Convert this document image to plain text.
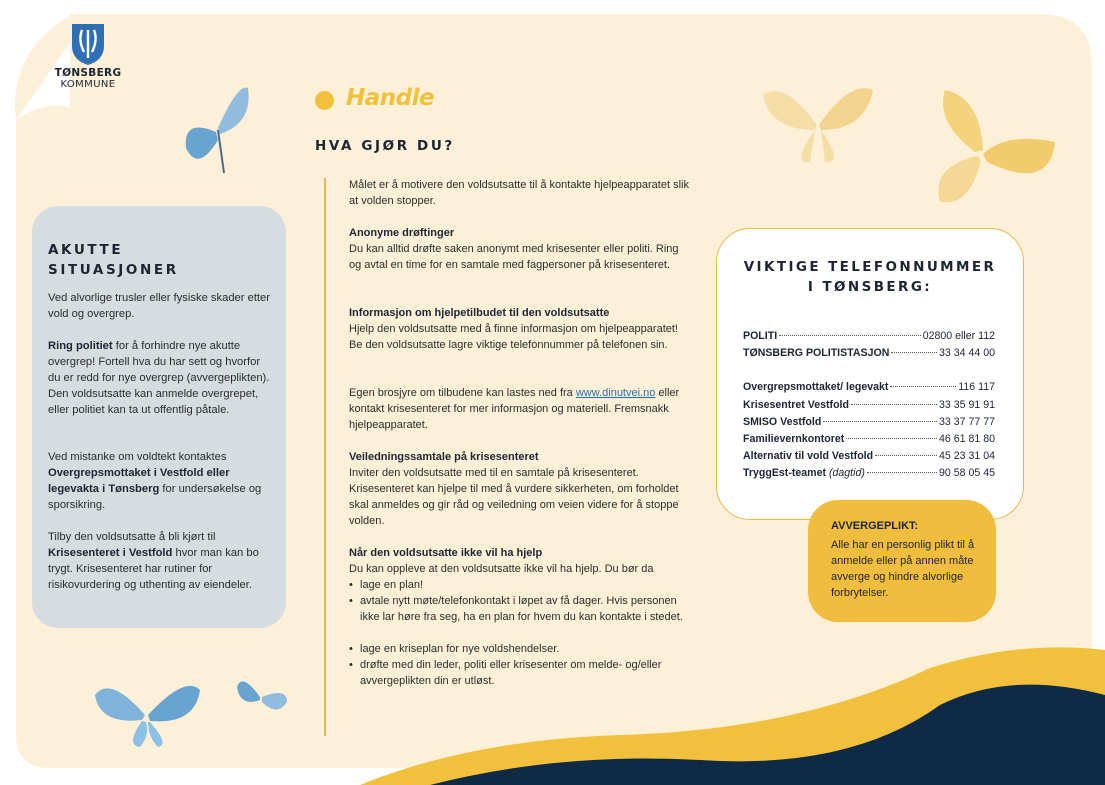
TØNSBERG
KOMMUNE
AKUTTE
SITUASJONER
Ved alvorlige trusler eller fysiske skader etter vold og overgrep.
Ring politiet for å forhindre nye akutte overgrep! Fortell hva du har sett og hvorfor du er redd for nye overgrep (avvergeplikten). Den voldsutsatte kan anmelde overgrepet, eller politiet kan ta ut offentlig påtale.
Ved mistanke om voldtekt kontaktes Overgrepsmottaket i Vestfold eller legevakta i Tønsberg for undersøkelse og sporsikring.
Tilby den voldsutsatte å bli kjørt til Krisesenteret i Vestfold hvor man kan bo trygt. Krisesenteret har rutiner for risikovurdering og uthenting av eiendeler.
Handle
HVA GJØR DU?
Målet er å motivere den voldsutsatte til å kontakte hjelpeapparatet slik at volden stopper.
Anonyme drøftinger
Du kan alltid drøfte saken anonymt med krisesenter eller politi. Ring og avtal en time for en samtale med fagpersoner på krisesenteret.
Informasjon om hjelpetilbudet til den voldsutsatte
Hjelp den voldsutsatte med å finne informasjon om hjelpeapparatet! Be den voldsutsatte lagre viktige telefonnummer på telefonen sin.
Egen brosjyre om tilbudene kan lastes ned fra www.dinutvei.no eller kontakt krisesenteret for mer informasjon og materiell. Fremsnakk hjelpeapparatet.
Veiledningssamtale på krisesenteret
Inviter den voldsutsatte med til en samtale på krisesenteret. Krisesenteret kan hjelpe til med å vurdere sikkerheten, om forholdet skal anmeldes og gir råd og veiledning om veien videre for å stoppe volden.
Når den voldsutsatte ikke vil ha hjelp
Du kan oppleve at den voldsutsatte ikke vil ha hjelp. Du bør da
• lage en plan!
• avtale nytt møte/telefonkontakt i løpet av få dager. Hvis personen ikke lar høre fra seg, ha en plan for hvem du kan kontakte i stedet.
• lage en kriseplan for nye voldshendelser.
• drøfte med din leder, politi eller krisesenter om melde- og/eller avvergeplikten din er utløst.
VIKTIGE TELEFONNUMMER
I TØNSBERG:
POLITI	02800 eller 112
TØNSBERG POLITISTASJON	33 34 44 00
Overgrepsmottaket/ legevakt	116 117
Krisesentret Vestfold	33 35 91 91
SMISO Vestfold	33 37 77 77
Familievernkontoret	46 61 81 80
Alternativ til vold Vestfold	45 23 31 04
TryggEst-teamet (dagtid)	90 58 05 45
AVVERGEPLIKT:
Alle har en personlig plikt til å anmelde eller på annen måte avverge og hindre alvorlige forbrytelser.
